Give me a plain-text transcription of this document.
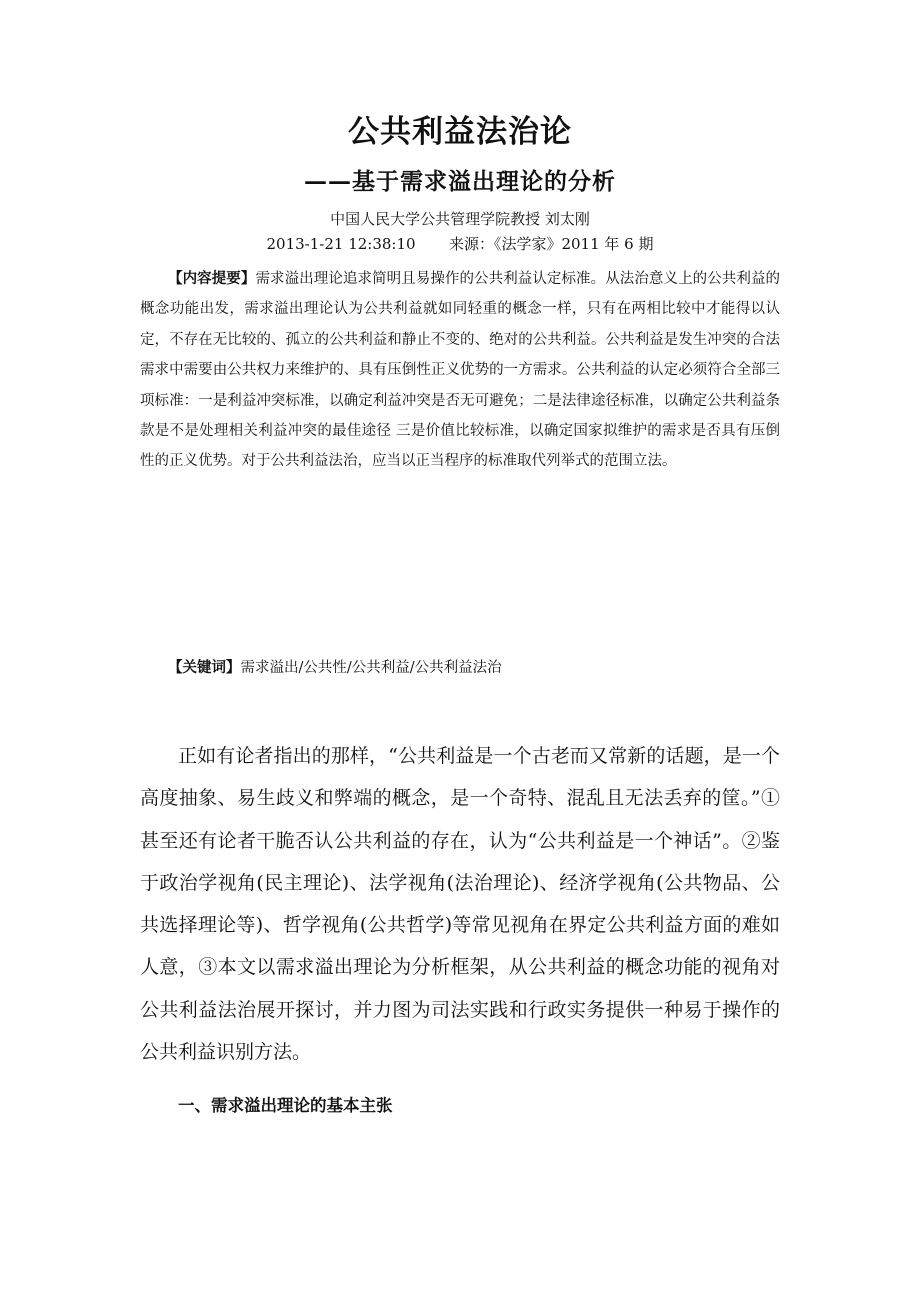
公共利益法治论
——基于需求溢出理论的分析
中国人民大学公共管理学院教授 刘太刚
2013-1-21 12:38:10 来源：《法学家》2011 年 6 期
【内容提要】需求溢出理论追求简明且易操作的公共利益认定标准。从法治意义上的公共利益的概念功能出发，需求溢出理论认为公共利益就如同轻重的概念一样，只有在两相比较中才能得以认定，不存在无比较的、孤立的公共利益和静止不变的、绝对的公共利益。公共利益是发生冲突的合法需求中需要由公共权力来维护的、具有压倒性正义优势的一方需求。公共利益的认定必须符合全部三项标准：一是利益冲突标准，以确定利益冲突是否无可避免；二是法律途径标准，以确定公共利益条款是不是处理相关利益冲突的最佳途径 三是价值比较标准，以确定国家拟维护的需求是否具有压倒性的正义优势。对于公共利益法治，应当以正当程序的标准取代列举式的范围立法。
【关键词】需求溢出/公共性/公共利益/公共利益法治
正如有论者指出的那样，“公共利益是一个古老而又常新的话题，是一个高度抽象、易生歧义和弊端的概念，是一个奇特、混乱且无法丢弃的筐。”①甚至还有论者干脆否认公共利益的存在，认为“公共利益是一个神话”。②鉴于政治学视角(民主理论)、法学视角(法治理论)、经济学视角(公共物品、公共选择理论等)、哲学视角(公共哲学)等常见视角在界定公共利益方面的难如人意，③本文以需求溢出理论为分析框架，从公共利益的概念功能的视角对公共利益法治展开探讨，并力图为司法实践和行政实务提供一种易于操作的公共利益识别方法。
一、需求溢出理论的基本主张
